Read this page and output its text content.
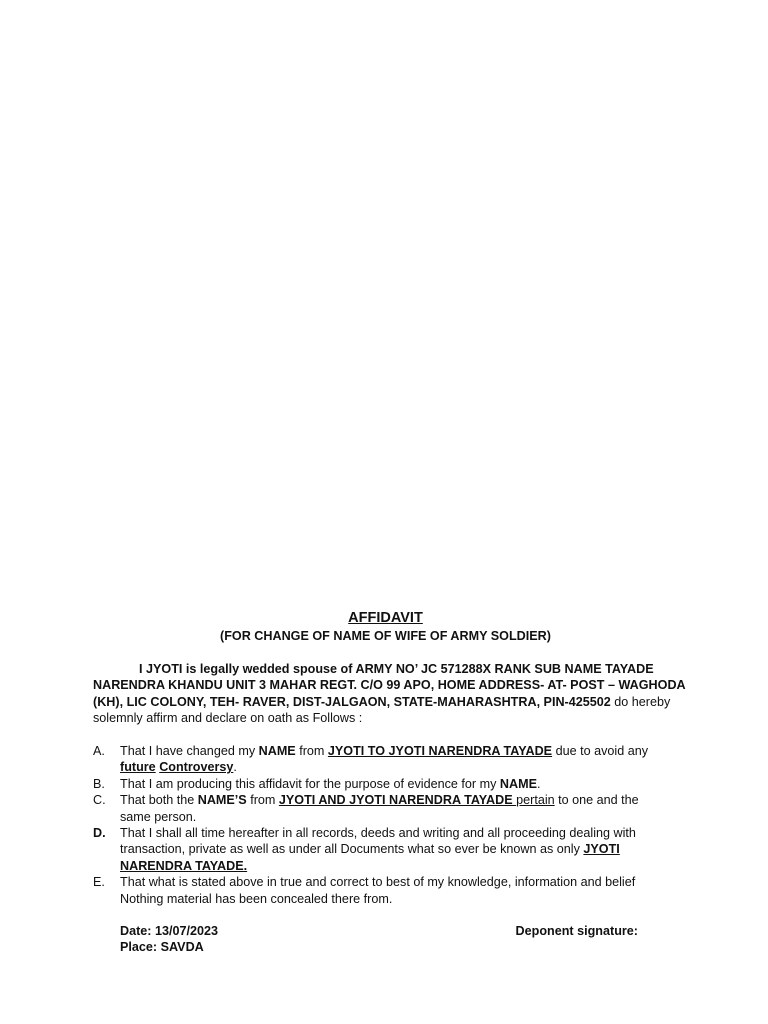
AFFIDAVIT
(FOR CHANGE OF NAME OF WIFE OF ARMY SOLDIER)
I JYOTI is legally wedded spouse of ARMY NO’ JC 571288X RANK SUB NAME TAYADE
NARENDRA KHANDU UNIT 3 MAHAR REGT. C/O 99 APO, HOME ADDRESS- AT- POST – WAGHODA
(KH), LIC COLONY, TEH- RAVER, DIST-JALGAON, STATE-MAHARASHTRA, PIN-425502 do hereby
solemnly affirm and declare on oath as Follows :
A.	That I have changed my NAME from JYOTI TO JYOTI NARENDRA TAYADE due to avoid any
future Controversy.
B.	That I am producing this affidavit for the purpose of evidence for my NAME.
C.	That both the NAME’S from JYOTI AND JYOTI NARENDRA TAYADE pertain to one and the
same person.
D.	That I shall all time hereafter in all records, deeds and writing and all proceeding dealing with
transaction, private as well as under all Documents what so ever be known as only JYOTI
NARENDRA TAYADE.
E.	That what is stated above in true and correct to best of my knowledge, information and belief
Nothing material has been concealed there from.
Date: 13/07/2023	Deponent signature:
Place: SAVDA
